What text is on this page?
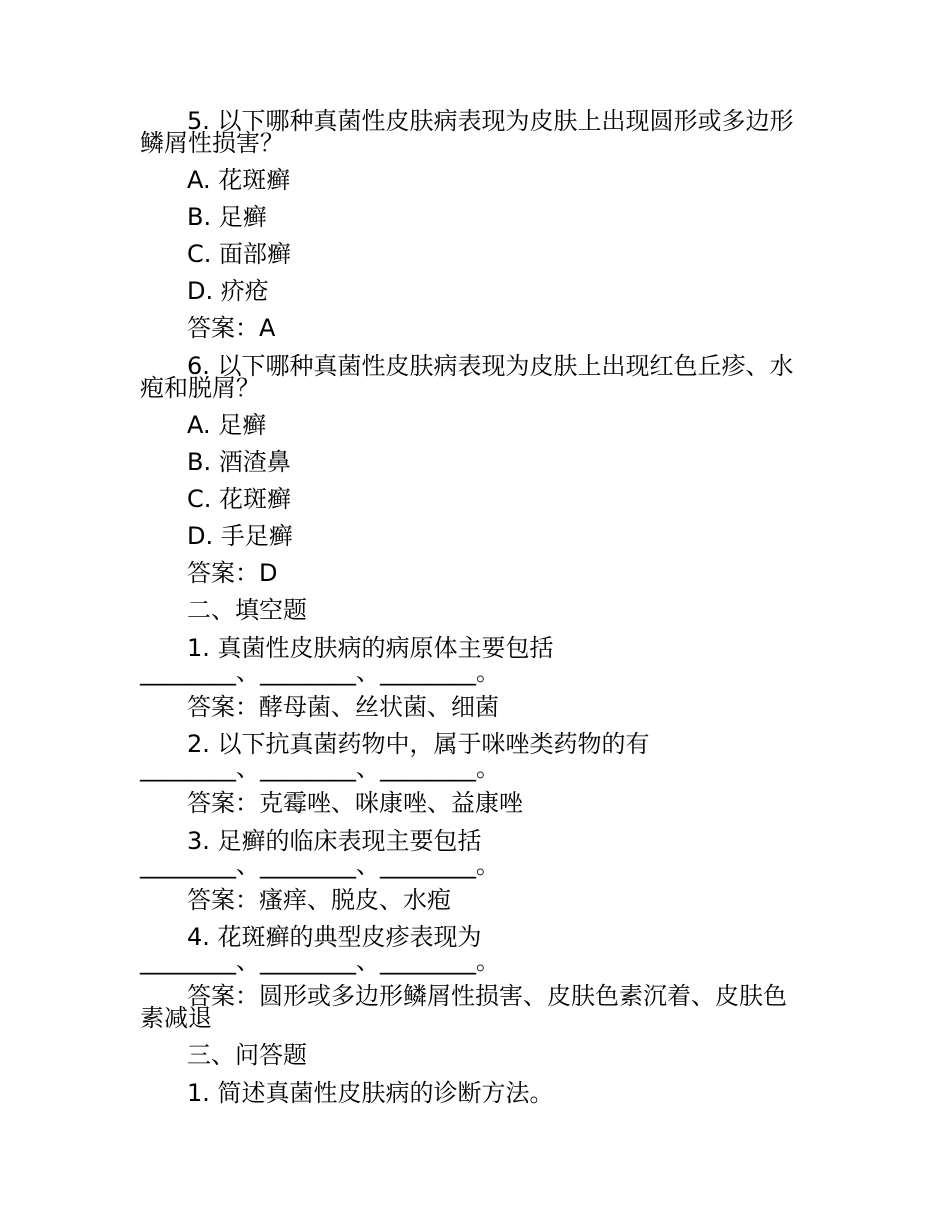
5. 以下哪种真菌性皮肤病表现为皮肤上出现圆形或多边形
鳞屑性损害？
A. 花斑癣
B. 足癣
C. 面部癣
D. 疥疮
答案：A
6. 以下哪种真菌性皮肤病表现为皮肤上出现红色丘疹、水
疱和脱屑？
A. 足癣
B. 酒渣鼻
C. 花斑癣
D. 手足癣
答案：D
二、填空题
1. 真菌性皮肤病的病原体主要包括
________、________、________。
答案：酵母菌、丝状菌、细菌
2. 以下抗真菌药物中，属于咪唑类药物的有
________、________、________。
答案：克霉唑、咪康唑、益康唑
3. 足癣的临床表现主要包括
________、________、________。
答案：瘙痒、脱皮、水疱
4. 花斑癣的典型皮疹表现为
________、________、________。
答案：圆形或多边形鳞屑性损害、皮肤色素沉着、皮肤色
素减退
三、问答题
1. 简述真菌性皮肤病的诊断方法。
